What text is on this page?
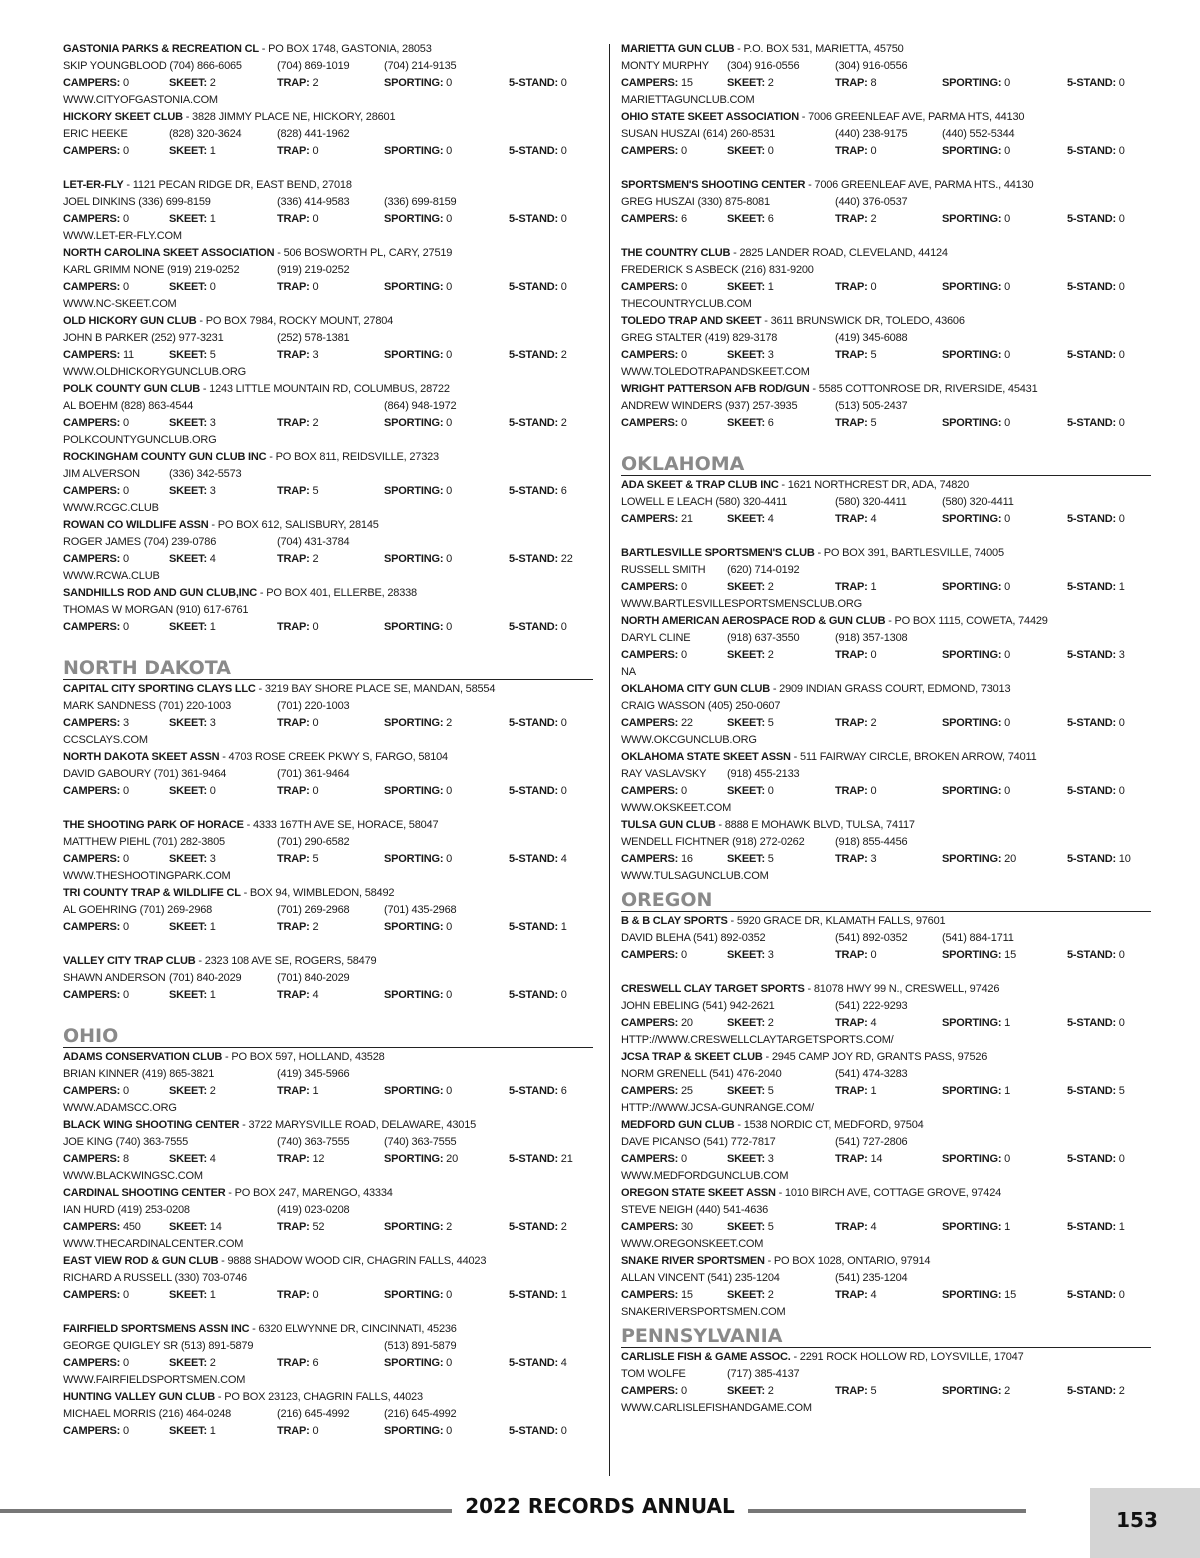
GASTONIA PARKS & RECREATION CL - PO BOX 1748, GASTONIA, 28053
SKIP YOUNGBLOOD (704) 866-6065	(704) 869-1019	(704) 214-9135
CAMPERS: 0	SKEET: 2	TRAP: 2	SPORTING: 0	5-STAND: 0
WWW.CITYOFGASTONIA.COM
HICKORY SKEET CLUB - 3828 JIMMY PLACE NE, HICKORY, 28601
ERIC HEEKE	(828) 320-3624	(828) 441-1962
CAMPERS: 0	SKEET: 1	TRAP: 0	SPORTING: 0	5-STAND: 0
LET-ER-FLY - 1121 PECAN RIDGE DR, EAST BEND, 27018
JOEL DINKINS (336) 699-8159	(336) 414-9583	(336) 699-8159
CAMPERS: 0	SKEET: 1	TRAP: 0	SPORTING: 0	5-STAND: 0
WWW.LET-ER-FLY.COM
NORTH CAROLINA SKEET ASSOCIATION - 506 BOSWORTH PL, CARY, 27519
KARL GRIMM NONE (919) 219-0252	(919) 219-0252
CAMPERS: 0	SKEET: 0	TRAP: 0	SPORTING: 0	5-STAND: 0
WWW.NC-SKEET.COM
OLD HICKORY GUN CLUB - PO BOX 7984, ROCKY MOUNT, 27804
JOHN B PARKER (252) 977-3231	(252) 578-1381
CAMPERS: 11	SKEET: 5	TRAP: 3	SPORTING: 0	5-STAND: 2
WWW.OLDHICKORYGUNCLUB.ORG
POLK COUNTY GUN CLUB - 1243 LITTLE MOUNTAIN RD, COLUMBUS, 28722
AL BOEHM (828) 863-4544	(864) 948-1972
CAMPERS: 0	SKEET: 3	TRAP: 2	SPORTING: 0	5-STAND: 2
POLKCOUNTYGUNCLUB.ORG
ROCKINGHAM COUNTY GUN CLUB INC - PO BOX 811, REIDSVILLE, 27323
JIM ALVERSON	(336) 342-5573
CAMPERS: 0	SKEET: 3	TRAP: 5	SPORTING: 0	5-STAND: 6
WWW.RCGC.CLUB
ROWAN CO WILDLIFE ASSN - PO BOX 612, SALISBURY, 28145
ROGER JAMES (704) 239-0786	(704) 431-3784
CAMPERS: 0	SKEET: 4	TRAP: 2	SPORTING: 0	5-STAND: 22
WWW.RCWA.CLUB
SANDHILLS ROD AND GUN CLUB,INC - PO BOX 401, ELLERBE, 28338
THOMAS W MORGAN (910) 617-6761
CAMPERS: 0	SKEET: 1	TRAP: 0	SPORTING: 0	5-STAND: 0
NORTH DAKOTA
CAPITAL CITY SPORTING CLAYS LLC - 3219 BAY SHORE PLACE SE, MANDAN, 58554
MARK SANDNESS (701) 220-1003	(701) 220-1003
CAMPERS: 3	SKEET: 3	TRAP: 0	SPORTING: 2	5-STAND: 0
CCSCLAYS.COM
NORTH DAKOTA SKEET ASSN - 4703 ROSE CREEK PKWY S, FARGO, 58104
DAVID GABOURY (701) 361-9464	(701) 361-9464
CAMPERS: 0	SKEET: 0	TRAP: 0	SPORTING: 0	5-STAND: 0
THE SHOOTING PARK OF HORACE - 4333 167TH AVE SE, HORACE, 58047
MATTHEW PIEHL (701) 282-3805	(701) 290-6582
CAMPERS: 0	SKEET: 3	TRAP: 5	SPORTING: 0	5-STAND: 4
WWW.THESHOOTINGPARK.COM
TRI COUNTY TRAP & WILDLIFE CL - BOX 94, WIMBLEDON, 58492
AL GOEHRING (701) 269-2968	(701) 269-2968	(701) 435-2968
CAMPERS: 0	SKEET: 1	TRAP: 2	SPORTING: 0	5-STAND: 1
VALLEY CITY TRAP CLUB - 2323 108 AVE SE, ROGERS, 58479
SHAWN ANDERSON (701) 840-2029	(701) 840-2029
CAMPERS: 0	SKEET: 1	TRAP: 4	SPORTING: 0	5-STAND: 0
OHIO
ADAMS CONSERVATION CLUB - PO BOX 597, HOLLAND, 43528
BRIAN KINNER (419) 865-3821	(419) 345-5966
CAMPERS: 0	SKEET: 2	TRAP: 1	SPORTING: 0	5-STAND: 6
WWW.ADAMSCC.ORG
BLACK WING SHOOTING CENTER - 3722 MARYSVILLE ROAD, DELAWARE, 43015
JOE KING (740) 363-7555	(740) 363-7555	(740) 363-7555
CAMPERS: 8	SKEET: 4	TRAP: 12	SPORTING: 20	5-STAND: 21
WWW.BLACKWINGSC.COM
CARDINAL SHOOTING CENTER - PO BOX 247, MARENGO, 43334
IAN HURD (419) 253-0208	(419) 023-0208
CAMPERS: 450	SKEET: 14	TRAP: 52	SPORTING: 2	5-STAND: 2
WWW.THECARDINALCENTER.COM
EAST VIEW ROD & GUN CLUB - 9888 SHADOW WOOD CIR, CHAGRIN FALLS, 44023
RICHARD A RUSSELL (330) 703-0746
CAMPERS: 0	SKEET: 1	TRAP: 0	SPORTING: 0	5-STAND: 1
FAIRFIELD SPORTSMENS ASSN INC - 6320 ELWYNNE DR, CINCINNATI, 45236
GEORGE QUIGLEY SR (513) 891-5879	(513) 891-5879
CAMPERS: 0	SKEET: 2	TRAP: 6	SPORTING: 0	5-STAND: 4
WWW.FAIRFIELDSPORTSMEN.COM
HUNTING VALLEY GUN CLUB - PO BOX 23123, CHAGRIN FALLS, 44023
MICHAEL MORRIS (216) 464-0248	(216) 645-4992	(216) 645-4992
CAMPERS: 0	SKEET: 1	TRAP: 0	SPORTING: 0	5-STAND: 0
MARIETTA GUN CLUB - P.O. BOX 531, MARIETTA, 45750
MONTY MURPHY (304) 916-0556	(304) 916-0556
CAMPERS: 15	SKEET: 2	TRAP: 8	SPORTING: 0	5-STAND: 0
MARIETTAGUNCLUB.COM
OHIO STATE SKEET ASSOCIATION - 7006 GREENLEAF AVE, PARMA HTS, 44130
SUSAN HUSZAI (614) 260-8531	(440) 238-9175	(440) 552-5344
CAMPERS: 0	SKEET: 0	TRAP: 0	SPORTING: 0	5-STAND: 0
SPORTSMEN'S SHOOTING CENTER - 7006 GREENLEAF AVE, PARMA HTS., 44130
GREG HUSZAI (330) 875-8081	(440) 376-0537
CAMPERS: 6	SKEET: 6	TRAP: 2	SPORTING: 0	5-STAND: 0
THE COUNTRY CLUB - 2825 LANDER ROAD, CLEVELAND, 44124
FREDERICK S ASBECK (216) 831-9200
CAMPERS: 0	SKEET: 1	TRAP: 0	SPORTING: 0	5-STAND: 0
THECOUNTRYCLUB.COM
TOLEDO TRAP AND SKEET - 3611 BRUNSWICK DR, TOLEDO, 43606
GREG STALTER (419) 829-3178	(419) 345-6088
CAMPERS: 0	SKEET: 3	TRAP: 5	SPORTING: 0	5-STAND: 0
WWW.TOLEDOTRAPANDSKEET.COM
WRIGHT PATTERSON AFB ROD/GUN - 5585 COTTONROSE DR, RIVERSIDE, 45431
ANDREW WINDERS (937) 257-3935	(513) 505-2437
CAMPERS: 0	SKEET: 6	TRAP: 5	SPORTING: 0	5-STAND: 0
OKLAHOMA
ADA SKEET & TRAP CLUB INC - 1621 NORTHCREST DR, ADA, 74820
LOWELL E LEACH (580) 320-4411	(580) 320-4411	(580) 320-4411
CAMPERS: 21	SKEET: 4	TRAP: 4	SPORTING: 0	5-STAND: 0
BARTLESVILLE SPORTSMEN'S CLUB - PO BOX 391, BARTLESVILLE, 74005
RUSSELL SMITH (620) 714-0192
CAMPERS: 0	SKEET: 2	TRAP: 1	SPORTING: 0	5-STAND: 1
WWW.BARTLESVILLESPORTSMENSCLUB.ORG
NORTH AMERICAN AEROSPACE ROD & GUN CLUB - PO BOX 1115, COWETA, 74429
DARYL CLINE	(918) 637-3550	(918) 357-1308
CAMPERS: 0	SKEET: 2	TRAP: 0	SPORTING: 0	5-STAND: 3
NA
OKLAHOMA CITY GUN CLUB - 2909 INDIAN GRASS COURT, EDMOND, 73013
CRAIG WASSON (405) 250-0607
CAMPERS: 22	SKEET: 5	TRAP: 2	SPORTING: 0	5-STAND: 0
WWW.OKCGUNCLUB.ORG
OKLAHOMA STATE SKEET ASSN - 511 FAIRWAY CIRCLE, BROKEN ARROW, 74011
RAY VASLAVSKY (918) 455-2133
CAMPERS: 0	SKEET: 0	TRAP: 0	SPORTING: 0	5-STAND: 0
WWW.OKSKEET.COM
TULSA GUN CLUB - 8888 E MOHAWK BLVD, TULSA, 74117
WENDELL FICHTNER (918) 272-0262	(918) 855-4456
CAMPERS: 16	SKEET: 5	TRAP: 3	SPORTING: 20	5-STAND: 10
WWW.TULSAGUNCLUB.COM
OREGON
B & B CLAY SPORTS - 5920 GRACE DR, KLAMATH FALLS, 97601
DAVID BLEHA (541) 892-0352	(541) 892-0352	(541) 884-1711
CAMPERS: 0	SKEET: 3	TRAP: 0	SPORTING: 15	5-STAND: 0
CRESWELL CLAY TARGET SPORTS - 81078 HWY 99 N., CRESWELL, 97426
JOHN EBELING (541) 942-2621	(541) 222-9293
CAMPERS: 20	SKEET: 2	TRAP: 4	SPORTING: 1	5-STAND: 0
HTTP://WWW.CRESWELLCLAYTARGETSPORTS.COM/
JCSA TRAP & SKEET CLUB - 2945 CAMP JOY RD, GRANTS PASS, 97526
NORM GRENELL (541) 476-2040	(541) 474-3283
CAMPERS: 25	SKEET: 5	TRAP: 1	SPORTING: 1	5-STAND: 5
HTTP://WWW.JCSA-GUNRANGE.COM/
MEDFORD GUN CLUB - 1538 NORDIC CT, MEDFORD, 97504
DAVE PICANSO (541) 772-7817	(541) 727-2806
CAMPERS: 0	SKEET: 3	TRAP: 14	SPORTING: 0	5-STAND: 0
WWW.MEDFORDGUNCLUB.COM
OREGON STATE SKEET ASSN - 1010 BIRCH AVE, COTTAGE GROVE, 97424
STEVE NEIGH (440) 541-4636
CAMPERS: 30	SKEET: 5	TRAP: 4	SPORTING: 1	5-STAND: 1
WWW.OREGONSKEET.COM
SNAKE RIVER SPORTSMEN - PO BOX 1028, ONTARIO, 97914
ALLAN VINCENT (541) 235-1204	(541) 235-1204
CAMPERS: 15	SKEET: 2	TRAP: 4	SPORTING: 15	5-STAND: 0
SNAKERIVERSPORTSMEN.COM
PENNSYLVANIA
CARLISLE FISH & GAME ASSOC. - 2291 ROCK HOLLOW RD, LOYSVILLE, 17047
TOM WOLFE	(717) 385-4137
CAMPERS: 0	SKEET: 2	TRAP: 5	SPORTING: 2	5-STAND: 2
WWW.CARLISLEFISHANDGAME.COM
2022 RECORDS ANNUAL
153
